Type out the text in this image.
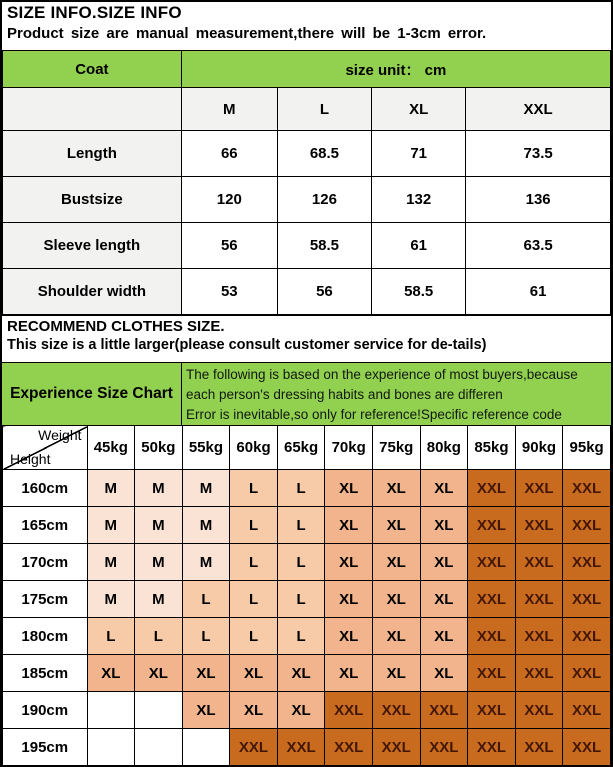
SIZE INFO.SIZE INFO
Product size are manual measurement,there will be 1-3cm error.
Coat	size unit： cm			
	M	L	XL	XXL
Length	66	68.5	71	73.5
Bustsize	120	126	132	136
Sleeve length	56	58.5	61	63.5
Shoulder width	53	56	58.5	61
RECOMMEND CLOTHES SIZE.
This size is a little larger(please consult customer service for de-tails)
Experience Size Chart
The following is based on the experience of most buyers,because
each person's dressing habits and bones are differen
Error is inevitable,so only for reference!Specific reference code
Weight
Height	45kg	50kg	55kg	60kg	65kg	70kg	75kg	80kg	85kg	90kg	95kg
160cm	M	M	M	L	L	XL	XL	XL	XXL	XXL	XXL
165cm	M	M	M	L	L	XL	XL	XL	XXL	XXL	XXL
170cm	M	M	M	L	L	XL	XL	XL	XXL	XXL	XXL
175cm	M	M	L	L	L	XL	XL	XL	XXL	XXL	XXL
180cm	L	L	L	L	L	XL	XL	XL	XXL	XXL	XXL
185cm	XL	XL	XL	XL	XL	XL	XL	XL	XXL	XXL	XXL
190cm			XL	XL	XL	XXL	XXL	XXL	XXL	XXL	XXL
195cm				XXL	XXL	XXL	XXL	XXL	XXL	XXL	XXL
